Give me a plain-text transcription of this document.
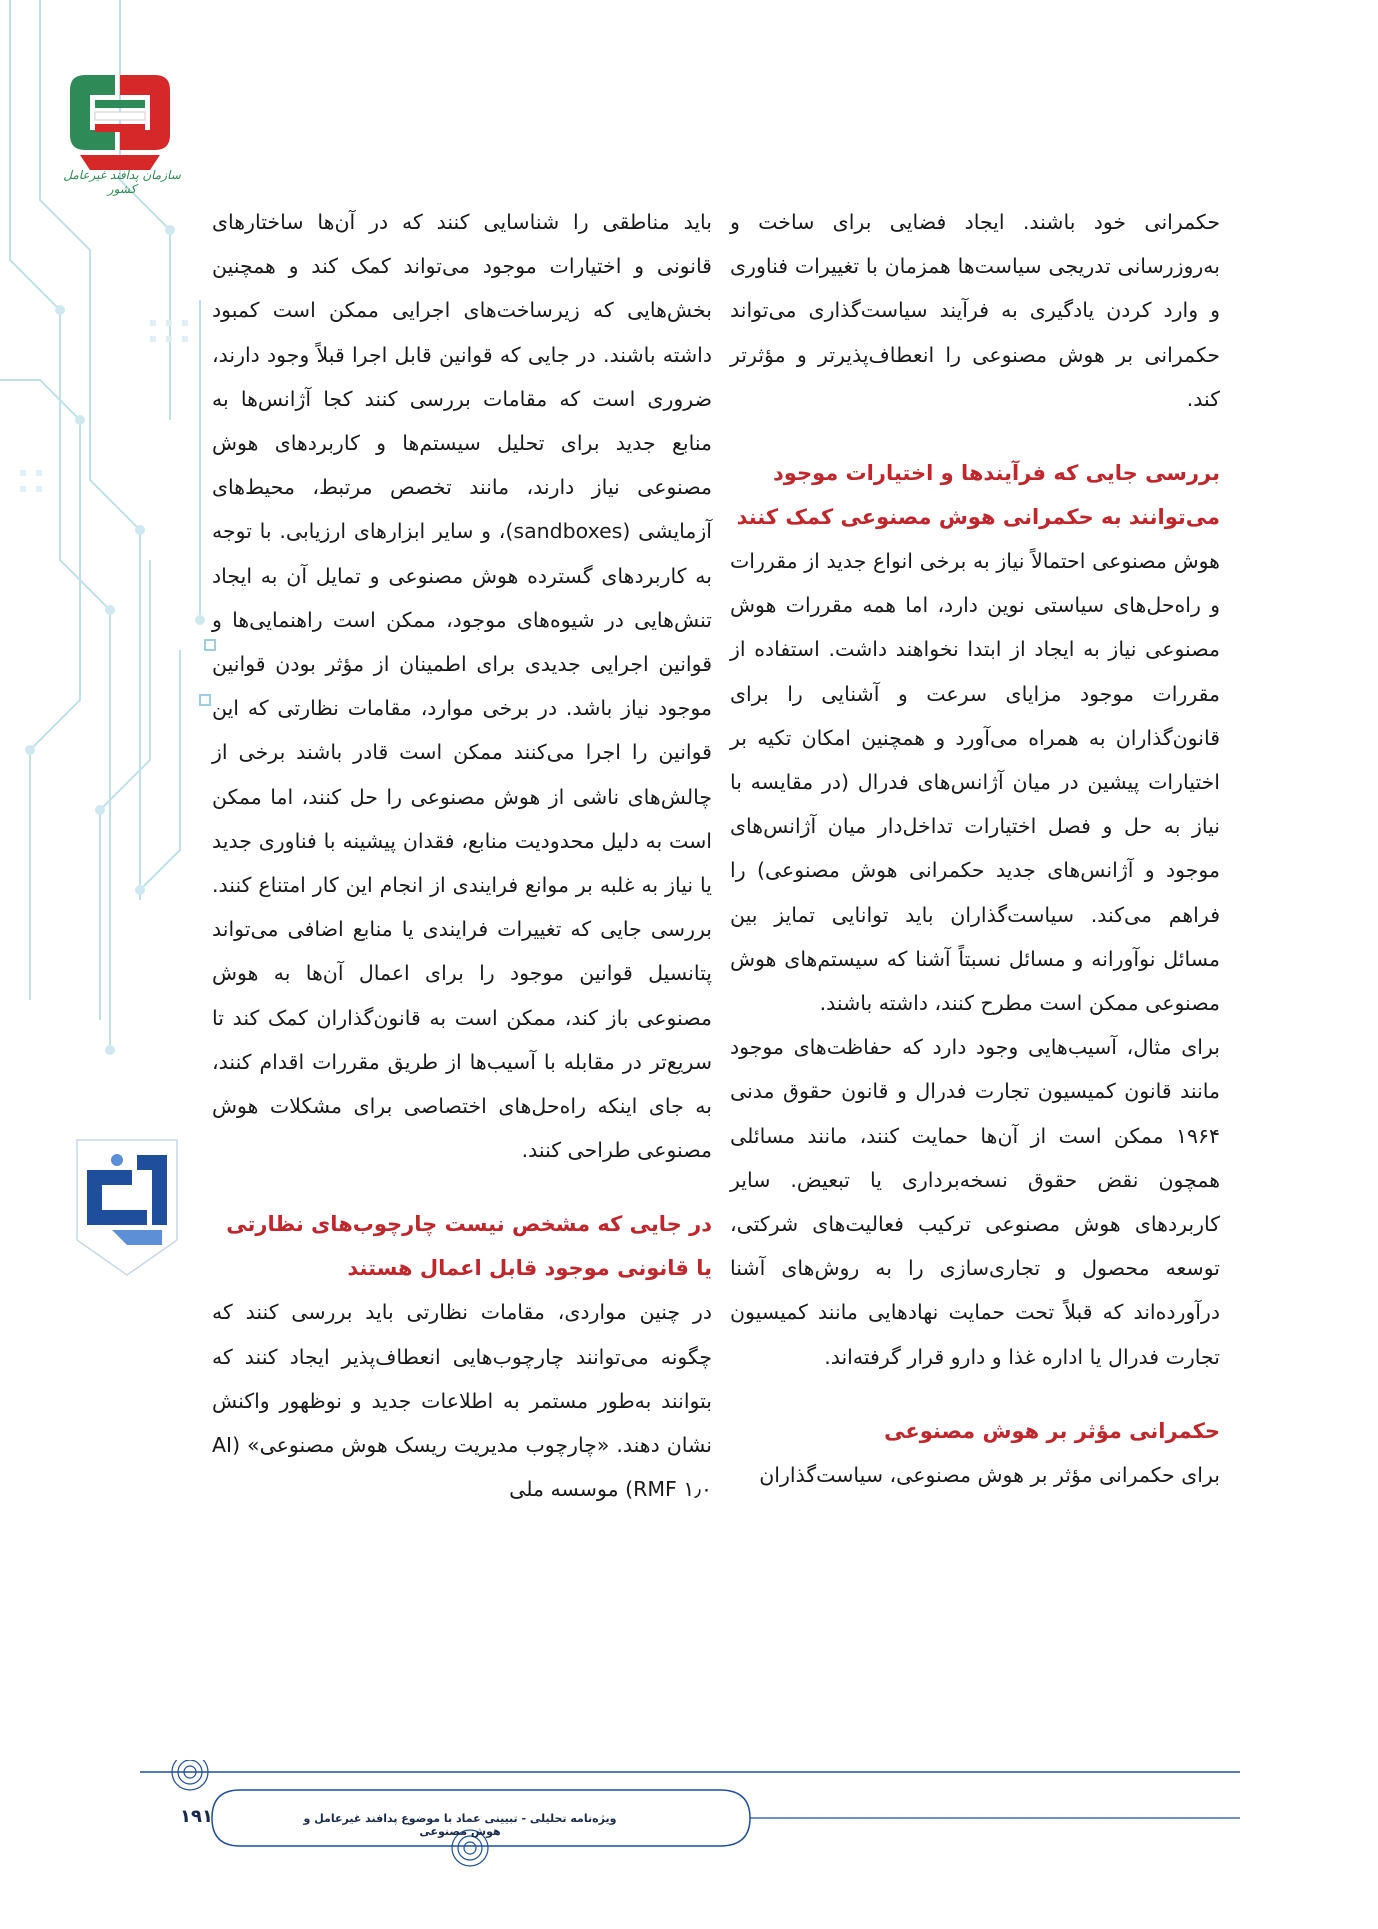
سازمان پدافند غیرعامل کشور

حکمرانی خود باشند. ایجاد فضایی برای ساخت و به‌روزرسانی تدریجی سیاست‌ها همزمان با تغییرات فناوری و وارد کردن یادگیری به فرآیند سیاست‌گذاری می‌تواند حکمرانی بر هوش مصنوعی را انعطاف‌پذیرتر و مؤثرتر کند.

بررسی جایی که فرآیندها و اختیارات موجود می‌توانند به حکمرانی هوش مصنوعی کمک کنند

هوش مصنوعی احتمالاً نیاز به برخی انواع جدید از مقررات و راه‌حل‌های سیاستی نوین دارد، اما همه مقررات هوش مصنوعی نیاز به ایجاد از ابتدا نخواهند داشت. استفاده از مقررات موجود مزایای سرعت و آشنایی را برای قانون‌گذاران به همراه می‌آورد و همچنین امکان تکیه بر اختیارات پیشین در میان آژانس‌های فدرال (در مقایسه با نیاز به حل و فصل اختیارات تداخل‌دار میان آژانس‌های موجود و آژانس‌های جدید حکمرانی هوش مصنوعی) را فراهم می‌کند. سیاست‌گذاران باید توانایی تمایز بین مسائل نوآورانه و مسائل نسبتاً آشنا که سیستم‌های هوش مصنوعی ممکن است مطرح کنند، داشته باشند.

برای مثال، آسیب‌هایی وجود دارد که حفاظت‌های موجود مانند قانون کمیسیون تجارت فدرال و قانون حقوق مدنی ۱۹۶۴ ممکن است از آن‌ها حمایت کنند، مانند مسائلی همچون نقض حقوق نسخه‌برداری یا تبعیض. سایر کاربردهای هوش مصنوعی ترکیب فعالیت‌های شرکتی، توسعه محصول و تجاری‌سازی را به روش‌های آشنا درآورده‌اند که قبلاً تحت حمایت نهادهایی مانند کمیسیون تجارت فدرال یا اداره غذا و دارو قرار گرفته‌اند.

حکمرانی مؤثر بر هوش مصنوعی

برای حکمرانی مؤثر بر هوش مصنوعی، سیاست‌گذاران

باید مناطقی را شناسایی کنند که در آن‌ها ساختارهای قانونی و اختیارات موجود می‌تواند کمک کند و همچنین بخش‌هایی که زیرساخت‌های اجرایی ممکن است کمبود داشته باشند. در جایی که قوانین قابل اجرا قبلاً وجود دارند، ضروری است که مقامات بررسی کنند کجا آژانس‌ها به منابع جدید برای تحلیل سیستم‌ها و کاربردهای هوش مصنوعی نیاز دارند، مانند تخصص مرتبط، محیط‌های آزمایشی (sandboxes)، و سایر ابزارهای ارزیابی. با توجه به کاربردهای گسترده هوش مصنوعی و تمایل آن به ایجاد تنش‌هایی در شیوه‌های موجود، ممکن است راهنمایی‌ها و قوانین اجرایی جدیدی برای اطمینان از مؤثر بودن قوانین موجود نیاز باشد. در برخی موارد، مقامات نظارتی که این قوانین را اجرا می‌کنند ممکن است قادر باشند برخی از چالش‌های ناشی از هوش مصنوعی را حل کنند، اما ممکن است به دلیل محدودیت منابع، فقدان پیشینه با فناوری جدید یا نیاز به غلبه بر موانع فرایندی از انجام این کار امتناع کنند. بررسی جایی که تغییرات فرایندی یا منابع اضافی می‌تواند پتانسیل قوانین موجود را برای اعمال آن‌ها به هوش مصنوعی باز کند، ممکن است به قانون‌گذاران کمک کند تا سریع‌تر در مقابله با آسیب‌ها از طریق مقررات اقدام کنند، به جای اینکه راه‌حل‌های اختصاصی برای مشکلات هوش مصنوعی طراحی کنند.

در جایی که مشخص نیست چارچوب‌های نظارتی یا قانونی موجود قابل اعمال هستند

در چنین مواردی، مقامات نظارتی باید بررسی کنند که چگونه می‌توانند چارچوب‌هایی انعطاف‌پذیر ایجاد کنند که بتوانند به‌طور مستمر به اطلاعات جدید و نوظهور واکنش نشان دهند. «چارچوب مدیریت ریسک هوش مصنوعی» (AI RMF ۱٫۰) موسسه ملی

۱۹۱	ویژه‌نامه تحلیلی - تبیینی عماد با موضوع پدافند غیرعامل و هوش مصنوعی
